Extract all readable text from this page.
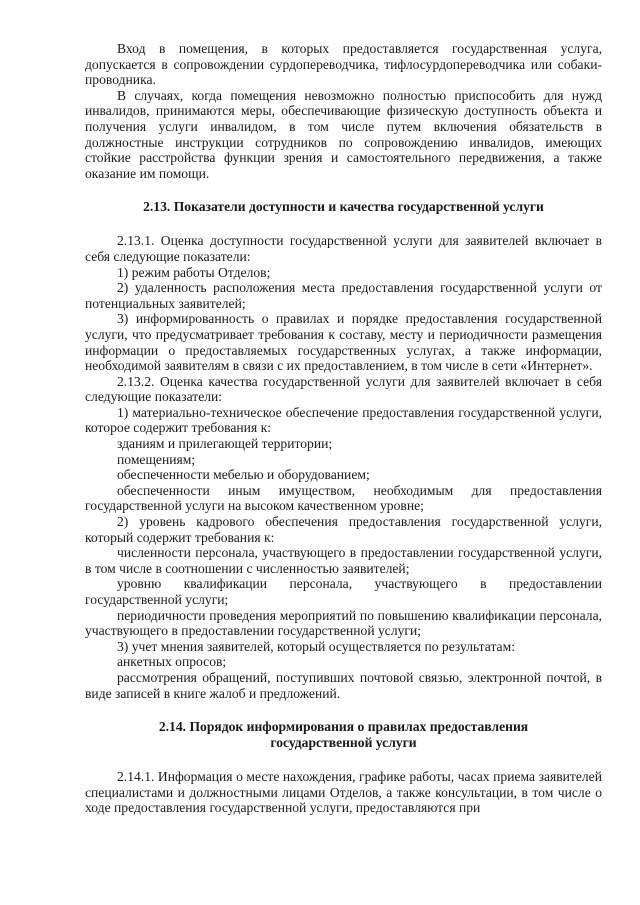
Вход в помещения, в которых предоставляется государственная услуга, допускается в сопровождении сурдопереводчика, тифлосурдопереводчика или собаки-проводника.

В случаях, когда помещения невозможно полностью приспособить для нужд инвалидов, принимаются меры, обеспечивающие физическую доступность объекта и получения услуги инвалидом, в том числе путем включения обязательств в должностные инструкции сотрудников по сопровождению инвалидов, имеющих стойкие расстройства функции зрения и самостоятельного передвижения, а также оказание им помощи.

2.13. Показатели доступности и качества государственной услуги

2.13.1. Оценка доступности государственной услуги для заявителей включает в себя следующие показатели:

1) режим работы Отделов;

2) удаленность расположения места предоставления государственной услуги от потенциальных заявителей;

3) информированность о правилах и порядке предоставления государственной услуги, что предусматривает требования к составу, месту и периодичности размещения информации о предоставляемых государственных услугах, а также информации, необходимой заявителям в связи с их предоставлением, в том числе в сети «Интернет».

2.13.2. Оценка качества государственной услуги для заявителей включает в себя следующие показатели:

1) материально-техническое обеспечение предоставления государственной услуги, которое содержит требования к:

зданиям и прилегающей территории;

помещениям;

обеспеченности мебелью и оборудованием;

обеспеченности иным имуществом, необходимым для предоставления государственной услуги на высоком качественном уровне;

2) уровень кадрового обеспечения предоставления государственной услуги, который содержит требования к:

численности персонала, участвующего в предоставлении государственной услуги, в том числе в соотношении с численностью заявителей;

уровню квалификации персонала, участвующего в предоставлении государственной услуги;

периодичности проведения мероприятий по повышению квалификации персонала, участвующего в предоставлении государственной услуги;

3) учет мнения заявителей, который осуществляется по результатам:

анкетных опросов;

рассмотрения обращений, поступивших почтовой связью, электронной почтой, в виде записей в книге жалоб и предложений.

2.14. Порядок информирования о правилах предоставления
государственной услуги

2.14.1. Информация о месте нахождения, графике работы, часах приема заявителей специалистами и должностными лицами Отделов, а также консультации, в том числе о ходе предоставления государственной услуги, предоставляются при
